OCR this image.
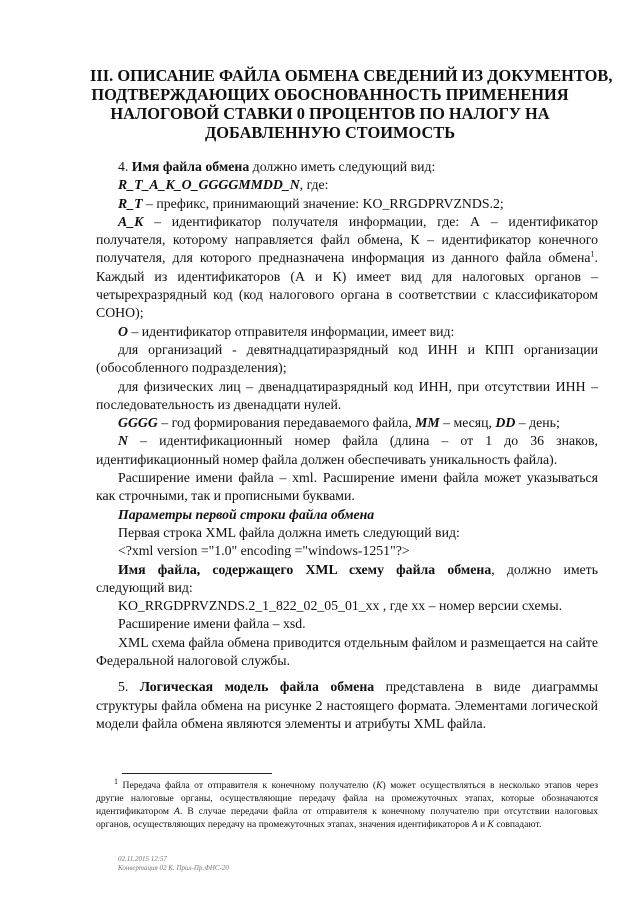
III. ОПИСАНИЕ ФАЙЛА ОБМЕНА СВЕДЕНИЙ ИЗ ДОКУМЕНТОВ,
ПОДТВЕРЖДАЮЩИХ ОБОСНОВАННОСТЬ ПРИМЕНЕНИЯ
НАЛОГОВОЙ СТАВКИ 0 ПРОЦЕНТОВ ПО НАЛОГУ НА
ДОБАВЛЕННУЮ СТОИМОСТЬ

4. Имя файла обмена должно иметь следующий вид:

R_T_A_K_O_GGGGMMDD_N, где:

R_T – префикс, принимающий значение: KO_RRGDPRVZNDS.2;

A_K – идентификатор получателя информации, где: А – идентификатор получателя, которому направляется файл обмена, К – идентификатор конечного получателя, для которого предназначена информация из данного файла обмена$^1$. Каждый из идентификаторов (А и К) имеет вид для налоговых органов – четырехразрядный код (код налогового органа в соответствии с классификатором СОНО);

O – идентификатор отправителя информации, имеет вид:

для организаций - девятнадцатиразрядный код ИНН и КПП организации (обособленного подразделения);

для физических лиц – двенадцатиразрядный код ИНН, при отсутствии ИНН – последовательность из двенадцати нулей.

GGGG – год формирования передаваемого файла, MM – месяц, DD – день;

N – идентификационный номер файла (длина – от 1 до 36 знаков, идентификационный номер файла должен обеспечивать уникальность файла).

Расширение имени файла – xml. Расширение имени файла может указываться как строчными, так и прописными буквами.

Параметры первой строки файла обмена

Первая строка XML файла должна иметь следующий вид:

<?xml version ="1.0" encoding ="windows-1251"?>

Имя файла, содержащего XML схему файла обмена, должно иметь следующий вид:

KO_RRGDPRVZNDS.2_1_822_02_05_01_xx , где xx – номер версии схемы.

Расширение имени файла – xsd.

XML схема файла обмена приводится отдельным файлом и размещается на сайте Федеральной налоговой службы.

5. Логическая модель файла обмена представлена в виде диаграммы структуры файла обмена на рисунке 2 настоящего формата. Элементами логической модели файла обмена являются элементы и атрибуты XML файла.

$^1$ Передача файла от отправителя к конечному получателю (К) может осуществляться в несколько этапов через другие налоговые органы, осуществляющие передачу файла на промежуточных этапах, которые обозначаются идентификатором А. В случае передачи файла от отправителя к конечному получателю при отсутствии налоговых органов, осуществляющих передачу на промежуточных этапах, значения идентификаторов А и К совпадают.
02.11.2015 12:57
Конвертация 02 К. Прил-Пр.ФНС-20
